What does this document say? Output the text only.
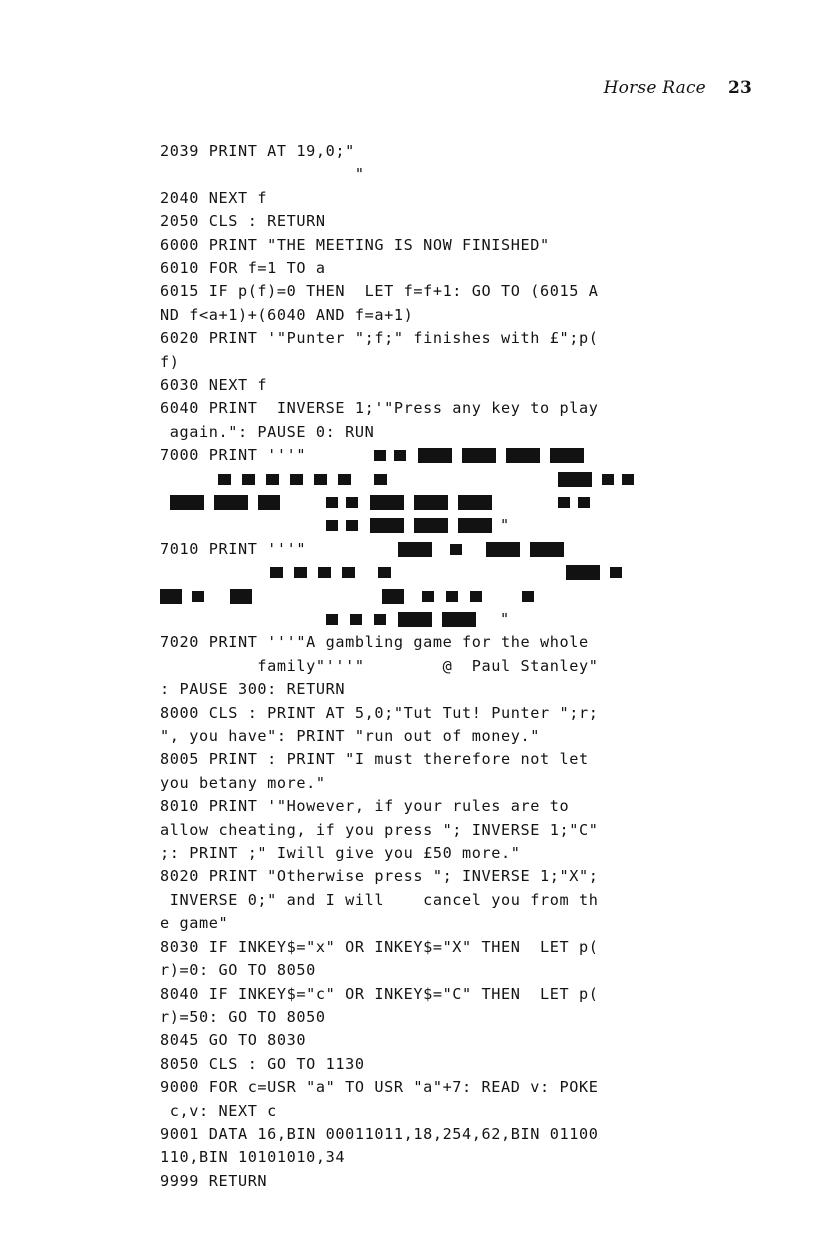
Horse Race 23
2039 PRINT AT 19,0;"
"
2040 NEXT f
2050 CLS : RETURN
6000 PRINT "THE MEETING IS NOW FINISHED"
6010 FOR f=1 TO a
6015 IF p(f)=0 THEN  LET f=f+1: GO TO (6015 A
ND f<a+1)+(6040 AND f=a+1)
6020 PRINT '"Punter ";f;" finishes with £";p(
f)
6030 NEXT f
6040 PRINT  INVERSE 1;'"Press any key to play
again.": PAUSE 0: RUN
7000 PRINT '''"
"
7010 PRINT '''"
"
7020 PRINT '''"A gambling game for the whole
family"'''"        @  Paul Stanley"
: PAUSE 300: RETURN
8000 CLS : PRINT AT 5,0;"Tut Tut! Punter ";r;
", you have": PRINT "run out of money."
8005 PRINT : PRINT "I must therefore not let
you betany more."
8010 PRINT '"However, if your rules are to
allow cheating, if you press "; INVERSE 1;"C"
;: PRINT ;" Iwill give you £50 more."
8020 PRINT "Otherwise press "; INVERSE 1;"X";
INVERSE 0;" and I will    cancel you from th
e game"
8030 IF INKEY$="x" OR INKEY$="X" THEN  LET p(
r)=0: GO TO 8050
8040 IF INKEY$="c" OR INKEY$="C" THEN  LET p(
r)=50: GO TO 8050
8045 GO TO 8030
8050 CLS : GO TO 1130
9000 FOR c=USR "a" TO USR "a"+7: READ v: POKE
c,v: NEXT c
9001 DATA 16,BIN 00011011,18,254,62,BIN 01100
110,BIN 10101010,34
9999 RETURN
